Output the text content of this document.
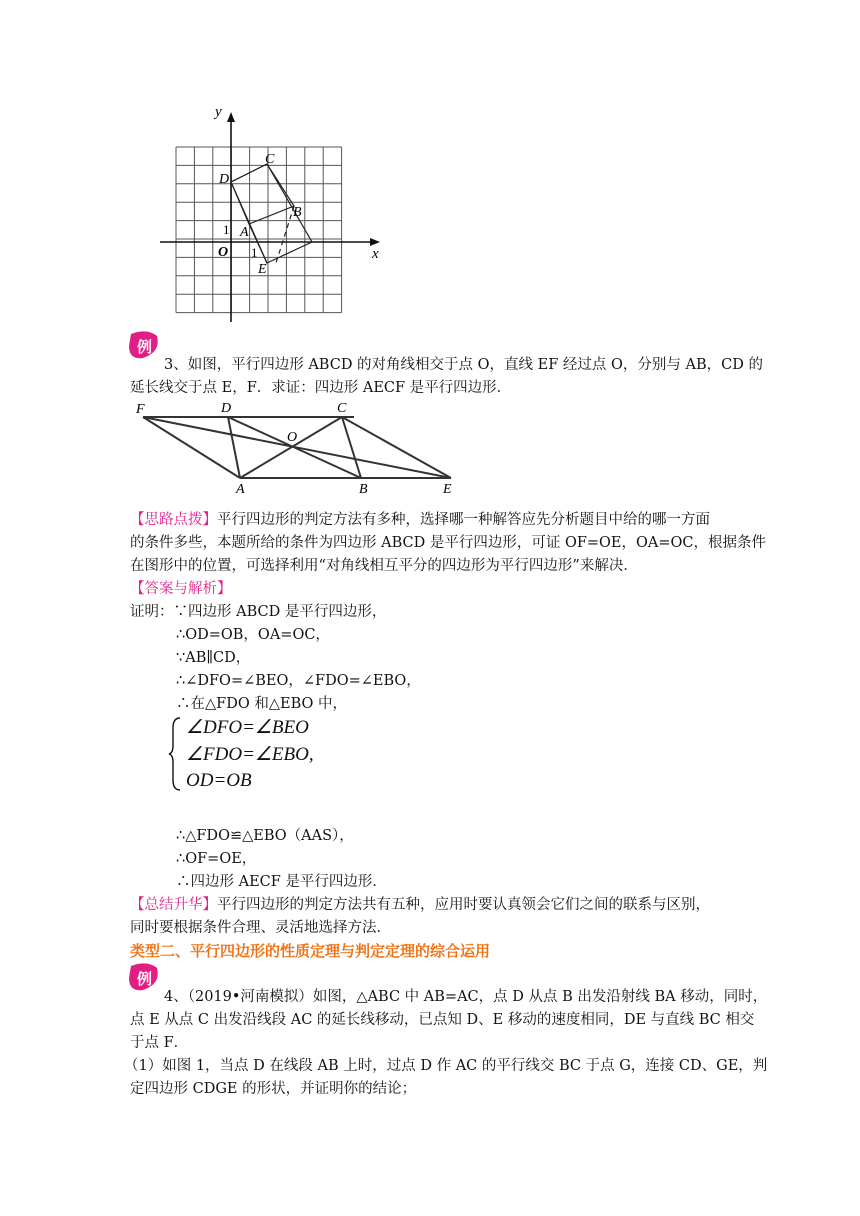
y
x
O
1
1
A
B
C
D
E
例
3、如图，平行四边形 ABCD 的对角线相交于点 O，直线 EF 经过点 O，分别与 AB，CD 的
延长线交于点 E，F．求证：四边形 AECF 是平行四边形．
F	D	C
O
A	B	E
【思路点拨】平行四边形的判定方法有多种，选择哪一种解答应先分析题目中给的哪一方面
的条件多些，本题所给的条件为四边形 ABCD 是平行四边形，可证 OF=OE，OA=OC，根据条件
在图形中的位置，可选择利用“对角线相互平分的四边形为平行四边形”来解决．
【答案与解析】
证明：∵四边形 ABCD 是平行四边形，
∴OD=OB，OA=OC，
∵AB∥CD，
∴∠DFO=∠BEO，∠FDO=∠EBO，
∴在△FDO 和△EBO 中，
∠DFO=∠BEO
∠FDO=∠EBO,
OD=OB
∴△FDO≌△EBO（AAS），
∴OF=OE，
∴四边形 AECF 是平行四边形．
【总结升华】平行四边形的判定方法共有五种，应用时要认真领会它们之间的联系与区别，
同时要根据条件合理、灵活地选择方法．
类型二、平行四边形的性质定理与判定定理的综合运用
例
4、（2019•河南模拟）如图，△ABC 中 AB=AC，点 D 从点 B 出发沿射线 BA 移动，同时，
点 E 从点 C 出发沿线段 AC 的延长线移动，已点知 D、E 移动的速度相同，DE 与直线 BC 相交
于点 F．
（1）如图 1，当点 D 在线段 AB 上时，过点 D 作 AC 的平行线交 BC 于点 G，连接 CD、GE，判
定四边形 CDGE 的形状，并证明你的结论；
